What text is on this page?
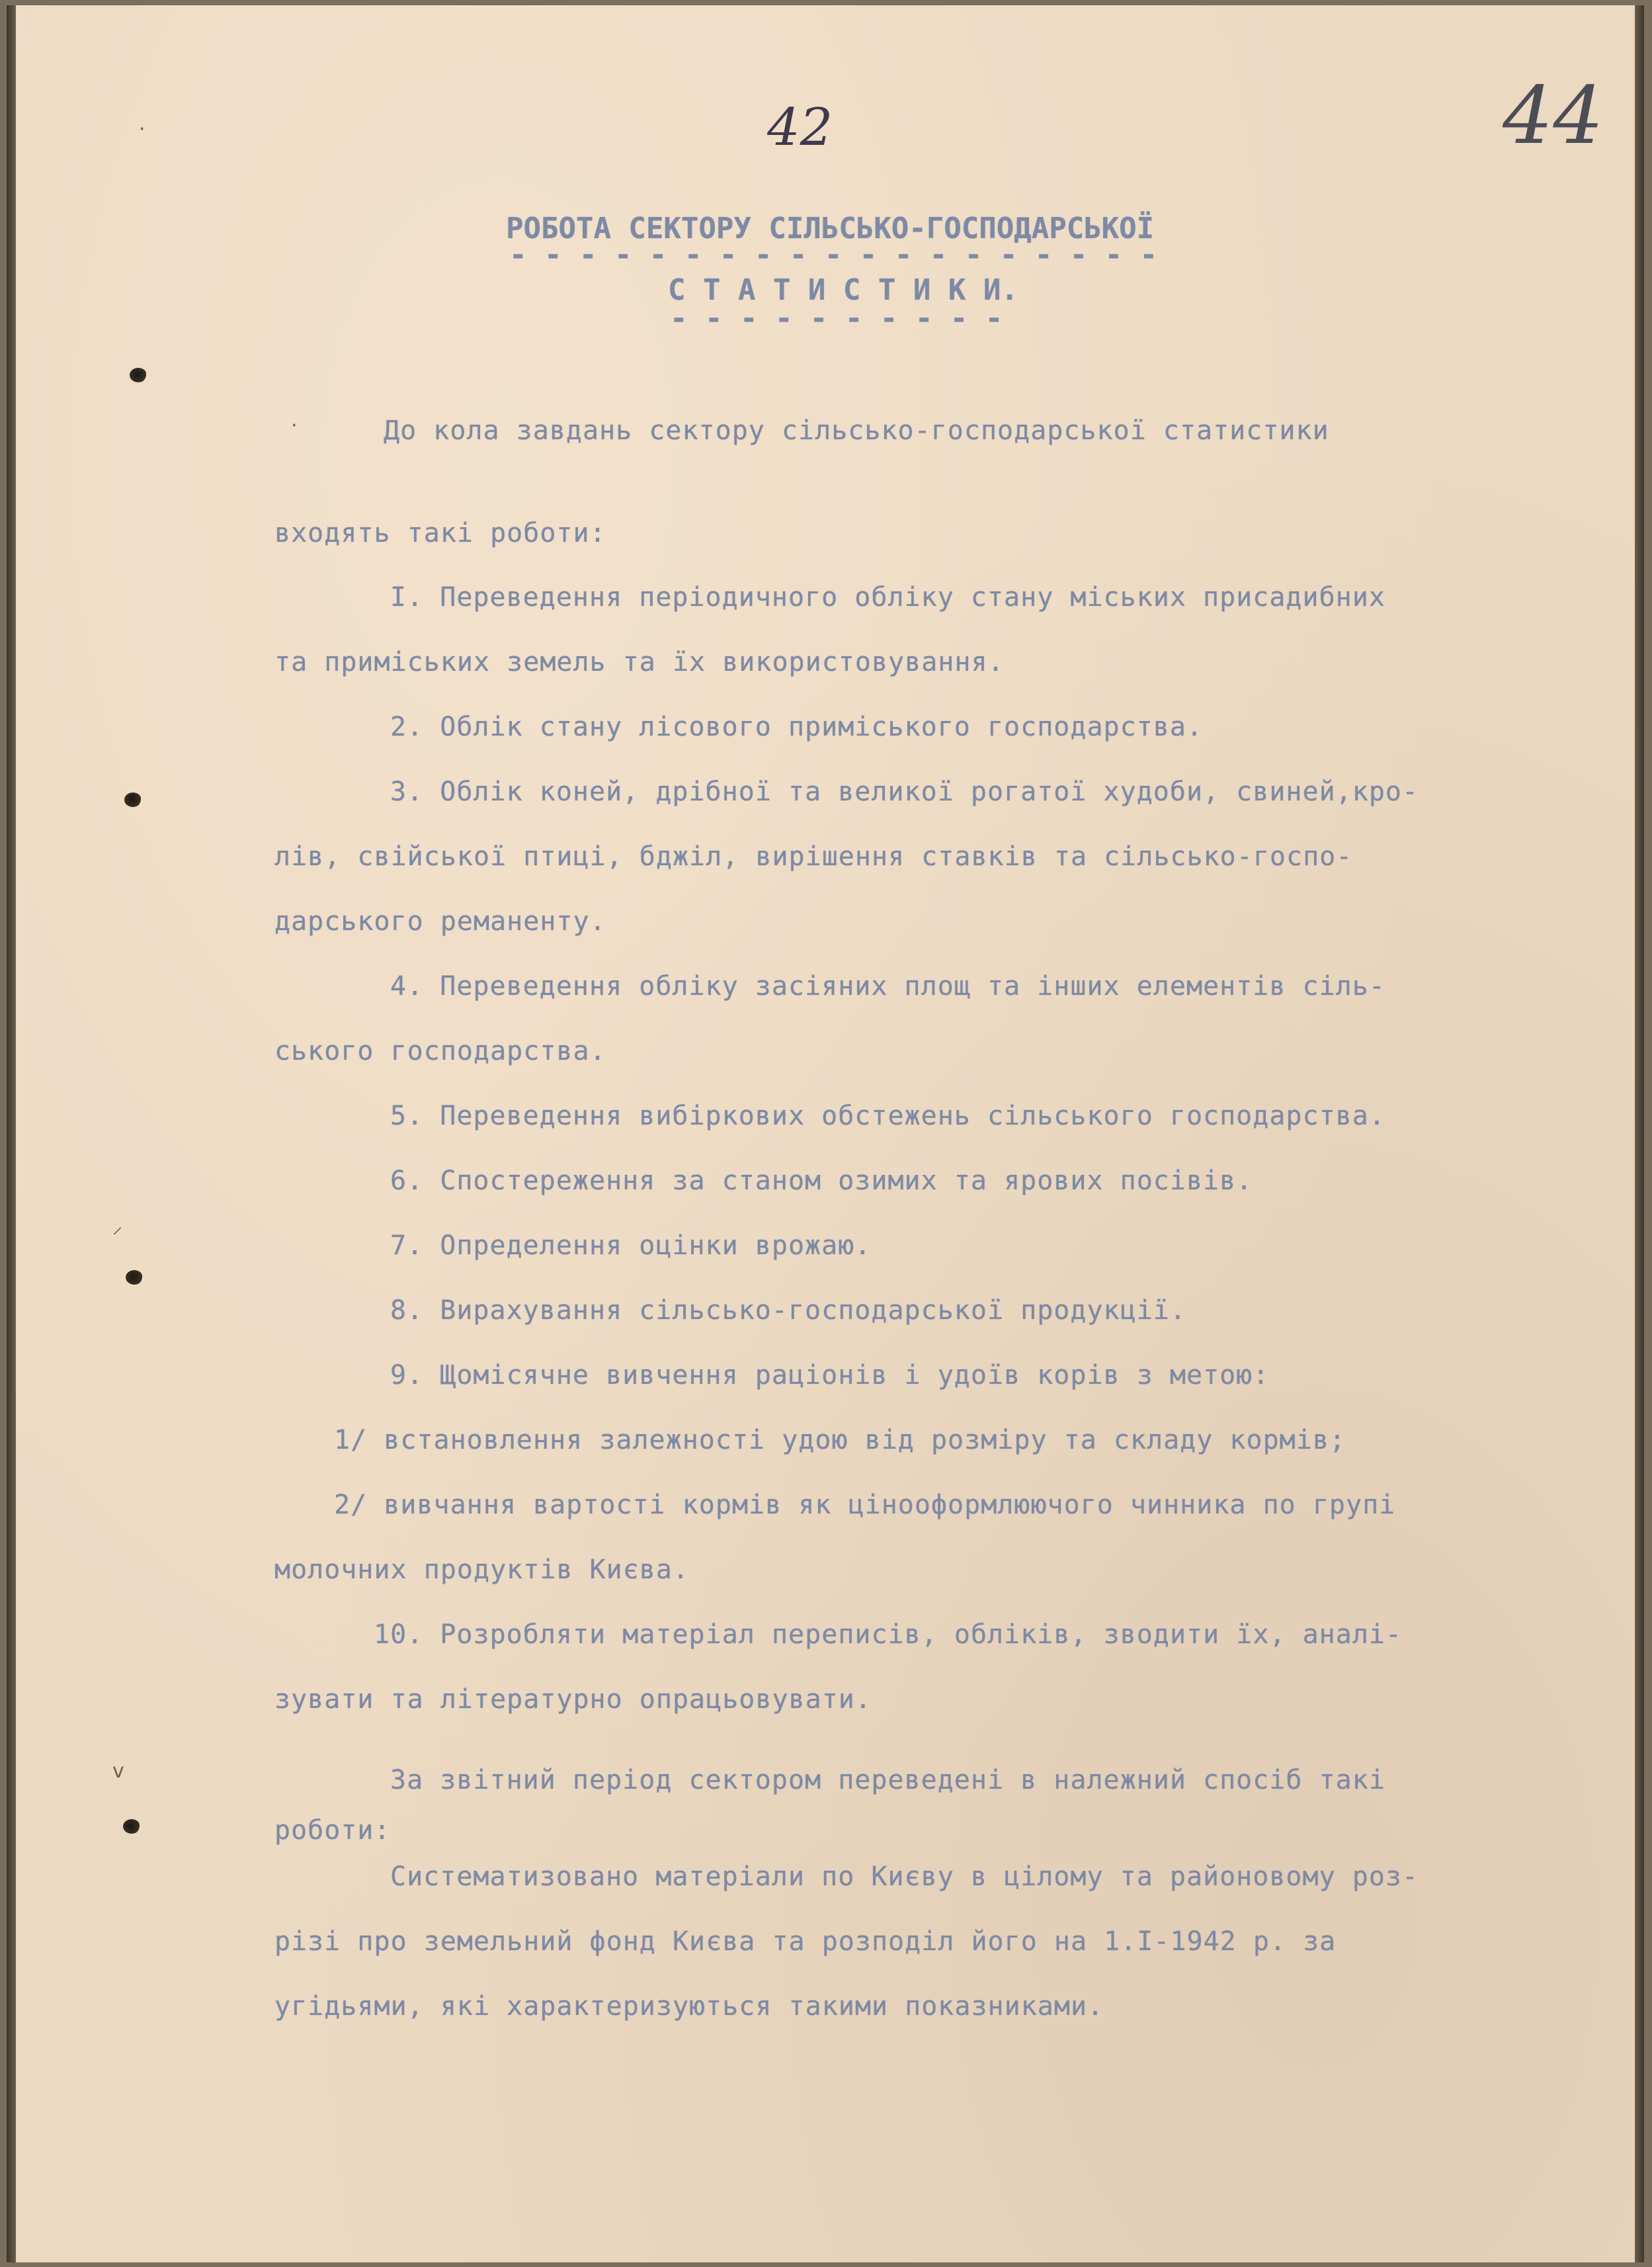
42	44
РОБОТА СЕКТОРУ СІЛЬСЬКО-ГОСПОДАРСЬКОЇ
- - - - - - - - - - - - - - - - - - -
С Т А Т И С Т И К И.
- - - - - - - - - -
До кола завдань сектору сільсько-господарської статистики
входять такі роботи:
I. Переведення періодичного обліку стану міських присадибних
та приміських земель та їх використовування.
2. Облік стану лісового приміського господарства.
3. Облік коней, дрібної та великої рогатої худоби, свиней,кро-
лів, свійської птиці, бджіл, вирішення ставків та сільсько-госпо-
дарського реманенту.
4. Переведення обліку засіяних площ та інших елементів сіль-
ського господарства.
5. Переведення вибіркових обстежень сільського господарства.
6. Спостереження за станом озимих та ярових посівів.
7. Определення оцінки врожаю.
8. Вирахування сільсько-господарської продукції.
9. Щомісячне вивчення раціонів і удоїв корів з метою:
1/ встановлення залежності удою від розміру та складу кормів;
2/ вивчання вартості кормів як цінооформлюючого чинника по групі
молочних продуктів Києва.
10. Розробляти матеріал переписів, обліків, зводити їх, аналі-
зувати та літературно опрацьовувати.
За звітний період сектором переведені в належний спосіб такі
роботи:
Систематизовано матеріали по Києву в цілому та районовому роз-
різі про земельний фонд Києва та розподіл його на 1.I-1942 р. за
угідьями, які характеризуються такими показниками.
·
⸝
·
v
